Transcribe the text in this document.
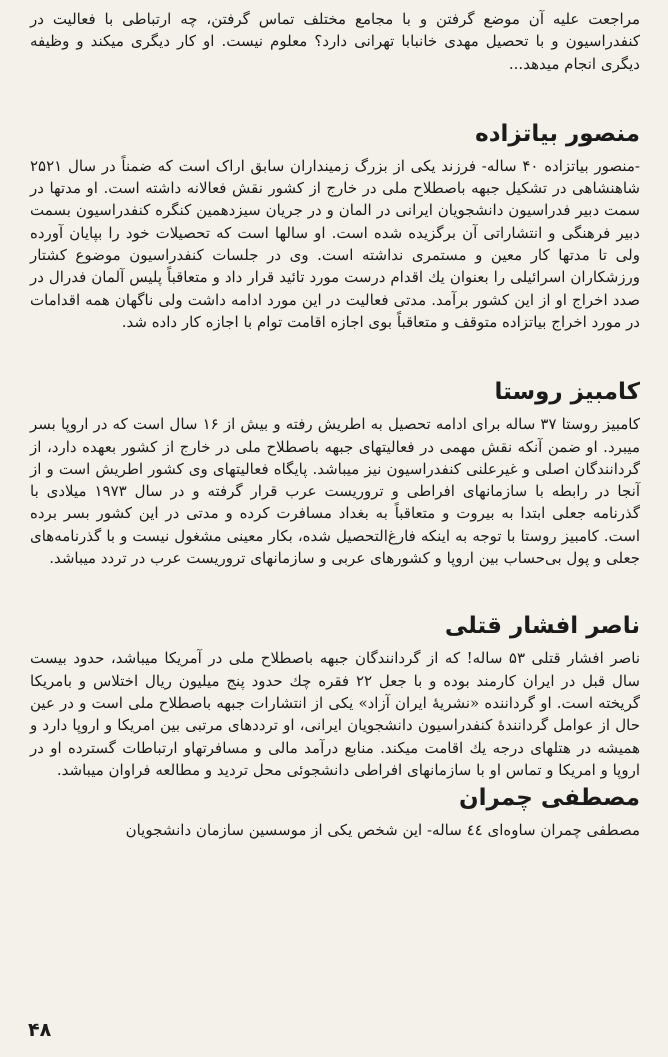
مراجعت علیه آن موضع گرفتن و با مجامع مختلف تماس گرفتن، چه ارتباطی با فعالیت در کنفدراسیون و با تحصیل مهدی خانبابا تهرانی دارد؟ معلوم نیست. او کار دیگری میکند و وظیفه دیگری انجام میدهد...

منصور بیاتزاده

-منصور بیاتزاده ۴۰ ساله- فرزند یکی از بزرگ زمینداران سابق اراک است که ضمناً در سال ۲۵۲۱ شاهنشاهی در تشکیل جبهه باصطلاح ملی در خارج از کشور نقش فعالانه داشته است. او مدتها در سمت دبیر فدراسیون دانشجویان ایرانی در المان و در جریان سیزدهمین کنگره کنفدراسیون بسمت دبیر فرهنگی و انتشاراتی آن برگزیده شده است. او سالها است که تحصیلات خود را بپایان آورده ولی تا مدتها کار معین و مستمری نداشته است. وی در جلسات کنفدراسیون موضوع کشتار ورزشکاران اسرائیلی را بعنوان یك اقدام درست مورد تائید قرار داد و متعاقباً پلیس آلمان فدرال در صدد اخراج او از این کشور برآمد. مدتی فعالیت در این مورد ادامه داشت ولی ناگهان همه اقدامات در مورد اخراج بیاتزاده متوقف و متعاقباً بوی اجازه اقامت توام با اجازه کار داده شد.

کامبیز روستا

کامبیز روستا ۳۷ ساله برای ادامه تحصیل به اطریش رفته و بیش از ۱۶ سال است که در اروپا بسر میبرد. او ضمن آنکه نقش مهمی در فعالیتهای جبهه باصطلاح ملی در خارج از کشور بعهده دارد، از گردانندگان اصلی و غیرعلنی کنفدراسیون نیز میباشد. پایگاه فعالیتهای وی کشور اطریش است و از آنجا در رابطه با سازمانهای افراطی و تروریست عرب قرار گرفته و در سال ۱۹۷۳ میلادی با گذرنامه جعلی ابتدا به بیروت و متعاقباً به بغداد مسافرت کرده و مدتی در این کشور بسر برده است. کامبیز روستا با توجه به اینکه فارغ‌التحصیل شده، بکار معینی مشغول نیست و با گذرنامه‌های جعلی و پول بی‌حساب بین اروپا و کشورهای عربی و سازمانهای تروریست عرب در تردد میباشد.

ناصر افشار قتلی

ناصر افشار قتلی ۵۳ ساله! که از گردانندگان جبهه باصطلاح ملی در آمریکا میباشد، حدود بیست سال قبل در ایران کارمند بوده و با جعل ۲۲ فقره چك حدود پنج میلیون ریال اختلاس و بامریکا گریخته است. او گرداننده «نشریهٔ ایران آزاد» یکی از انتشارات جبهه باصطلاح ملی است و در عین حال از عوامل گردانندهٔ کنفدراسیون دانشجویان ایرانی، او ترددهای مرتبی بین امریکا و اروپا دارد و همیشه در هتلهای درجه یك اقامت میکند. منابع درآمد مالی و مسافرتهاو ارتباطات گسترده او در اروپا و امریکا و تماس او با سازمانهای افراطی دانشجوئی محل تردید و مطالعه فراوان میباشد.

مصطفی چمران

مصطفی چمران ساوه‌ای ٤٤ ساله- این شخص یکی از موسسین سازمان دانشجویان

۴۸
